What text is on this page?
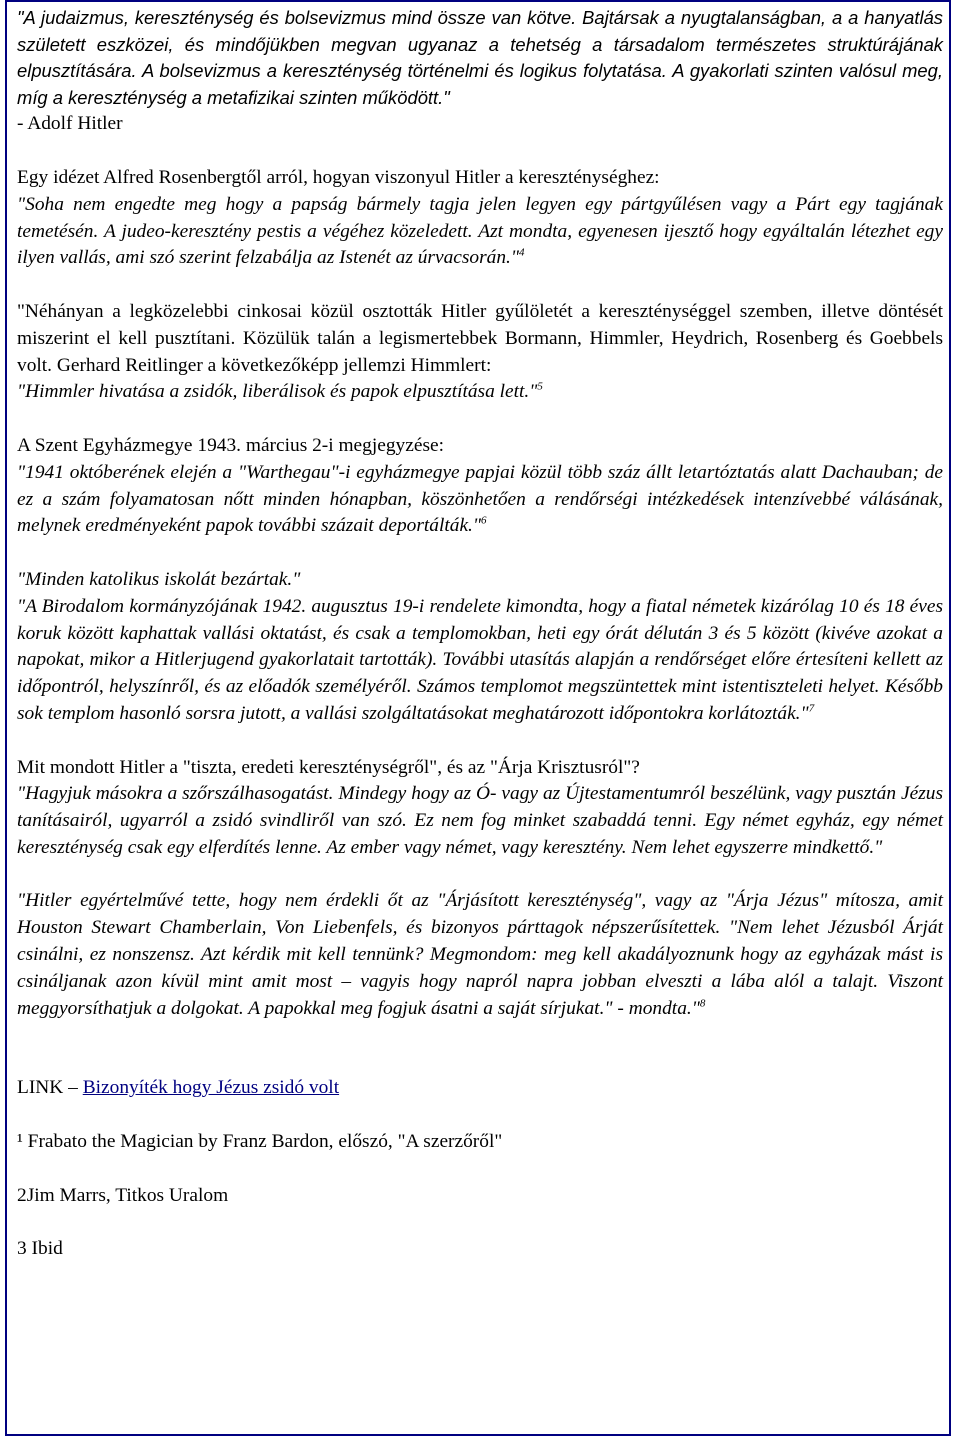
"A judaizmus, kereszténység és bolsevizmus mind össze van kötve. Bajtársak a nyugtalanságban, a a hanyatlás született eszközei, és mindőjükben megvan ugyanaz a tehetség a társadalom természetes struktúrájának elpusztítására. A bolsevizmus a kereszténység történelmi és logikus folytatása. A gyakorlati szinten valósul meg, míg a kereszténység a metafizikai szinten működött."

- Adolf Hitler

Egy idézet Alfred Rosenbergtől arról, hogyan viszonyul Hitler a kereszténységhez:

"Soha nem engedte meg hogy a papság bármely tagja jelen legyen egy pártgyűlésen vagy a Párt egy tagjának temetésén. A judeo-keresztény pestis a végéhez közeledett. Azt mondta, egyenesen ijesztő hogy egyáltalán létezhet egy ilyen vallás, ami szó szerint felzabálja az Istenét az úrvacsorán."$^4$

"Néhányan a legközelebbi cinkosai közül osztották Hitler gyűlöletét a kereszténységgel szemben, illetve döntését miszerint el kell pusztítani. Közülük talán a legismertebbek Bormann, Himmler, Heydrich, Rosenberg és Goebbels volt. Gerhard Reitlinger a következőképp jellemzi Himmlert:

"Himmler hivatása a zsidók, liberálisok és papok elpusztítása lett."$^5$

A Szent Egyházmegye 1943. március 2-i megjegyzése:

"1941 októberének elején a "Warthegau"-i egyházmegye papjai közül több száz állt letartóztatás alatt Dachauban; de ez a szám folyamatosan nőtt minden hónapban, köszönhetően a rendőrségi intézkedések intenzívebbé válásának, melynek eredményeként papok további százait deportálták."$^6$

"Minden katolikus iskolát bezártak."

"A Birodalom kormányzójának 1942. augusztus 19-i rendelete kimondta, hogy a fiatal németek kizárólag 10 és 18 éves koruk között kaphattak vallási oktatást, és csak a templomokban, heti egy órát délután 3 és 5 között (kivéve azokat a napokat, mikor a Hitlerjugend gyakorlatait tartották). További utasítás alapján a rendőrséget előre értesíteni kellett az időpontról, helyszínről, és az előadók személyéről. Számos templomot megszüntettek mint istentiszteleti helyet. Később sok templom hasonló sorsra jutott, a vallási szolgáltatásokat meghatározott időpontokra korlátozták."$^7$

Mit mondott Hitler a "tiszta, eredeti kereszténységről", és az "Árja Krisztusról"?

"Hagyjuk másokra a szőrszálhasogatást. Mindegy hogy az Ó- vagy az Újtestamentumról beszélünk, vagy pusztán Jézus tanításairól, ugyarról a zsidó svindliről van szó. Ez nem fog minket szabaddá tenni. Egy német egyház, egy német kereszténység csak egy elferdítés lenne. Az ember vagy német, vagy keresztény. Nem lehet egyszerre mindkettő."

"Hitler egyértelművé tette, hogy nem érdekli őt az "Árjásított kereszténység", vagy az "Árja Jézus" mítosza, amit Houston Stewart Chamberlain, Von Liebenfels, és bizonyos párttagok népszerűsítettek. "Nem lehet Jézusból Árját csinálni, ez nonszensz. Azt kérdik mit kell tennünk? Megmondom: meg kell akadályoznunk hogy az egyházak mást is csináljanak azon kívül mint amit most – vagyis hogy napról napra jobban elveszti a lába alól a talajt. Viszont meggyorsíthatjuk a dolgokat. A papokkal meg fogjuk ásatni a saját sírjukat." - mondta."$^8$

LINK – Bizonyíték hogy Jézus zsidó volt

¹ Frabato the Magician by Franz Bardon, előszó, "A szerzőről"

2Jim Marrs, Titkos Uralom

3 Ibid
